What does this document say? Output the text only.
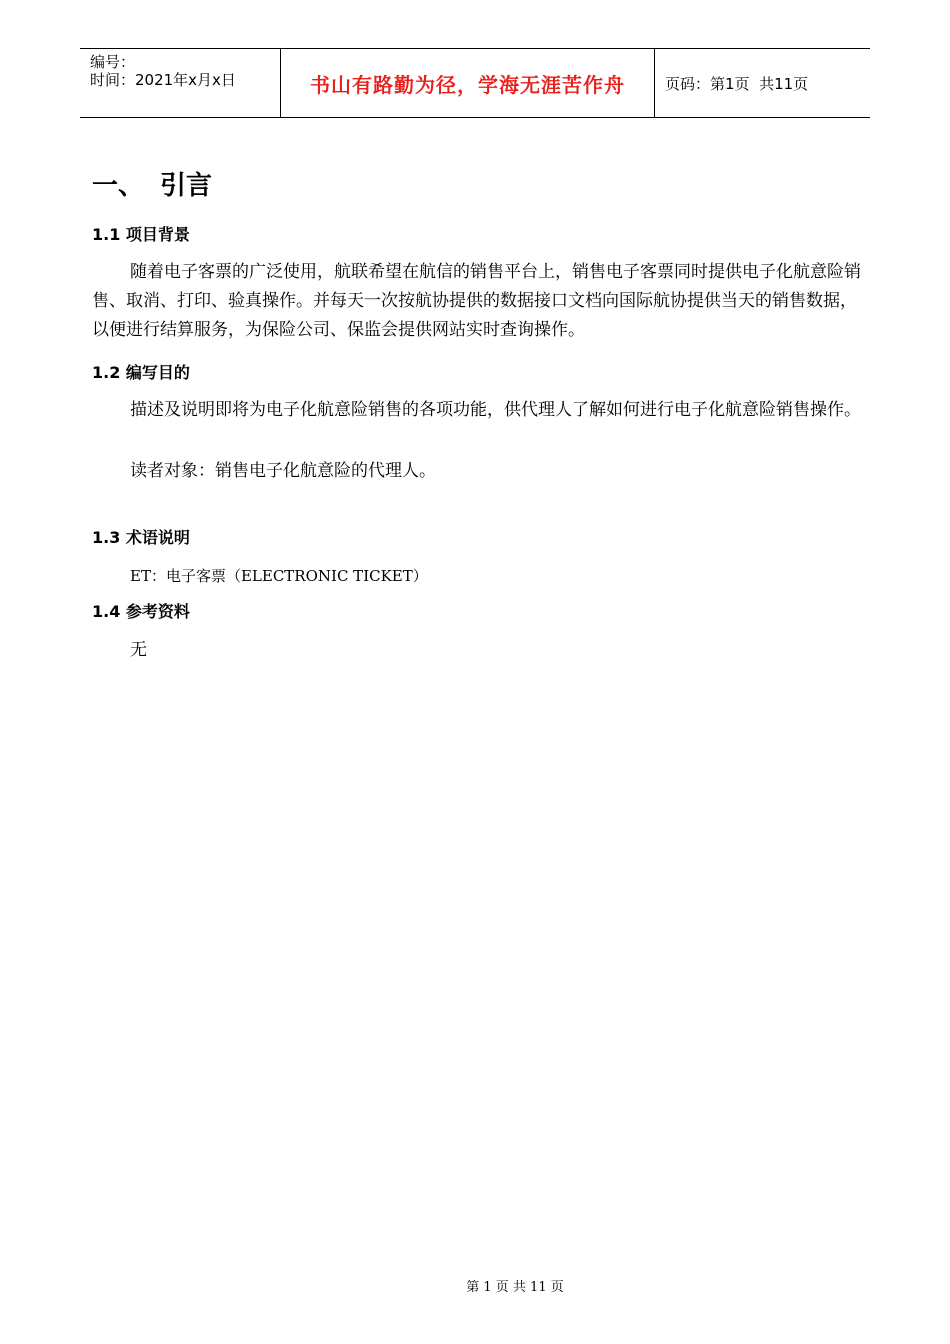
编号：
时间：2021年x月x日	书山有路勤为径，学海无涯苦作舟	页码：第1页  共11页
一、 引言
1.1 项目背景

随着电子客票的广泛使用，航联希望在航信的销售平台上，销售电子客票同时提供电子化航意险销售、取消、打印、验真操作。并每天一次按航协提供的数据接口文档向国际航协提供当天的销售数据，以便进行结算服务，为保险公司、保监会提供网站实时查询操作。

1.2 编写目的

描述及说明即将为电子化航意险销售的各项功能，供代理人了解如何进行电子化航意险销售操作。

读者对象：销售电子化航意险的代理人。

1.3 术语说明

ET：电子客票（ELECTRONIC TICKET）

1.4 参考资料

无

第 1 页 共 11 页
